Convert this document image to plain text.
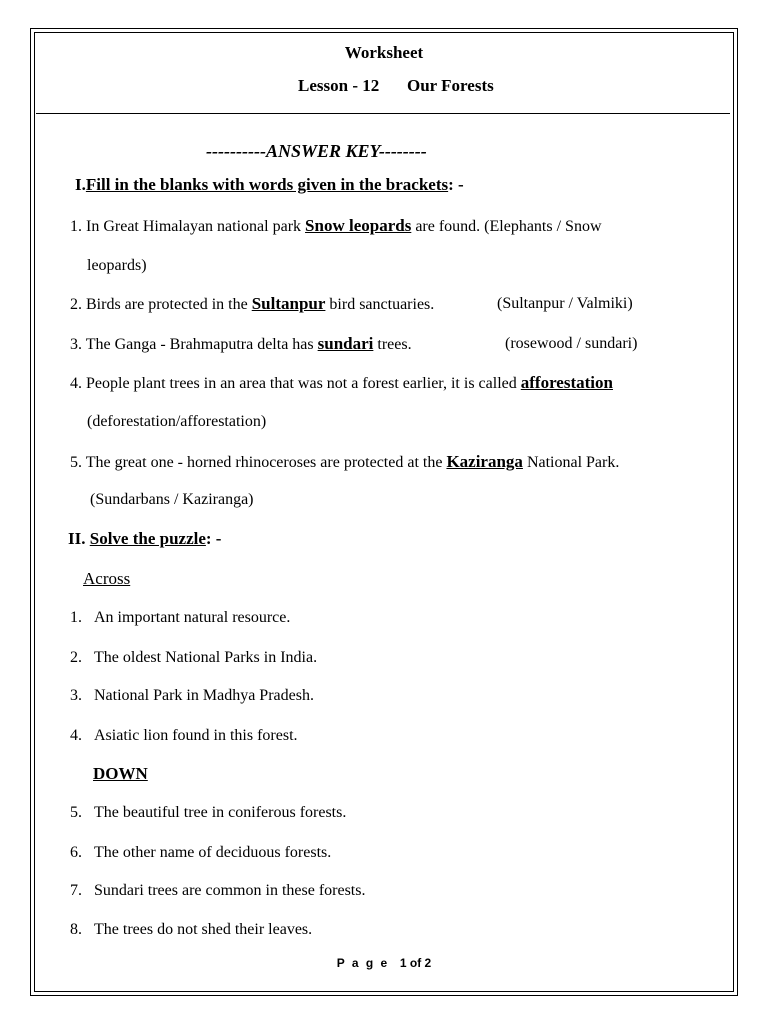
Worksheet
Lesson - 12 Our Forests
----------ANSWER KEY--------
I.Fill in the blanks with words given in the brackets: -
1. In Great Himalayan national park Snow leopards are found. (Elephants / Snow
leopards)
2. Birds are protected in the Sultanpur bird sanctuaries.	(Sultanpur / Valmiki)
3. The Ganga - Brahmaputra delta has sundari trees.	(rosewood / sundari)
4. People plant trees in an area that was not a forest earlier, it is called afforestation
(deforestation/afforestation)
5. The great one - horned rhinoceroses are protected at the Kaziranga National Park.
(Sundarbans / Kaziranga)
II. Solve the puzzle: -
Across
1. An important natural resource.
2. The oldest National Parks in India.
3. National Park in Madhya Pradesh.
4. Asiatic lion found in this forest.
DOWN
5. The beautiful tree in coniferous forests.
6. The other name of deciduous forests.
7. Sundari trees are common in these forests.
8. The trees do not shed their leaves.
P a g e 1 of 2
